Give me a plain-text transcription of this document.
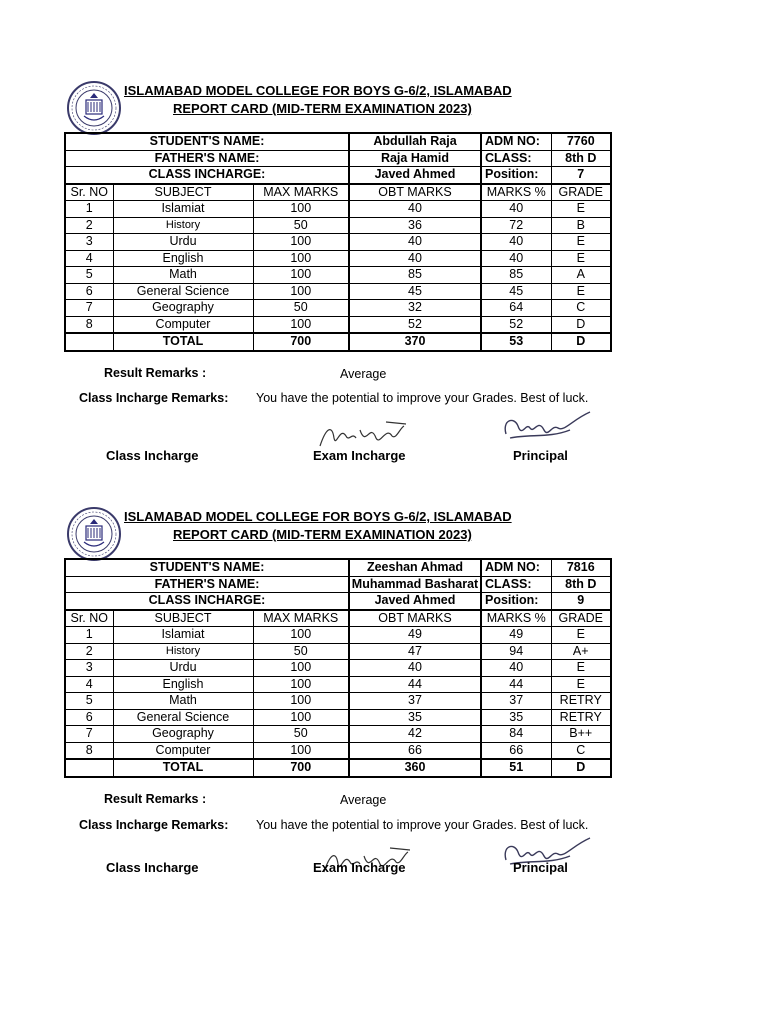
ISLAMABAD MODEL COLLEGE FOR BOYS G-6/2, ISLAMABAD
REPORT CARD (MID-TERM EXAMINATION 2023)
STUDENT'S NAME:			Abdullah Raja	ADM NO:	7760
FATHER'S NAME:			Raja Hamid	CLASS:	8th D
CLASS INCHARGE:			Javed Ahmed	Position:	7
Sr. NO	SUBJECT	MAX MARKS	OBT MARKS	MARKS %	GRADE
1	Islamiat	100	40	40	E
2	History	50	36	72	B
3	Urdu	100	40	40	E
4	English	100	40	40	E
5	Math	100	85	85	A
6	General Science	100	45	45	E
7	Geography	50	32	64	C
8	Computer	100	52	52	D
	TOTAL	700	370	53	D
Result Remarks :	Average
Class Incharge Remarks: You have the potential to improve your Grades. Best of luck.
Class Incharge	Exam Incharge	Principal
ISLAMABAD MODEL COLLEGE FOR BOYS G-6/2, ISLAMABAD
REPORT CARD (MID-TERM EXAMINATION 2023)
STUDENT'S NAME:			Zeeshan Ahmad	ADM NO:	7816
FATHER'S NAME:			Muhammad Basharat	CLASS:	8th D
CLASS INCHARGE:			Javed Ahmed	Position:	9
Sr. NO	SUBJECT	MAX MARKS	OBT MARKS	MARKS %	GRADE
1	Islamiat	100	49	49	E
2	History	50	47	94	A+
3	Urdu	100	40	40	E
4	English	100	44	44	E
5	Math	100	37	37	RETRY
6	General Science	100	35	35	RETRY
7	Geography	50	42	84	B++
8	Computer	100	66	66	C
	TOTAL	700	360	51	D
Result Remarks :	Average
Class Incharge Remarks: You have the potential to improve your Grades. Best of luck.
Class Incharge	Exam Incharge	Principal
